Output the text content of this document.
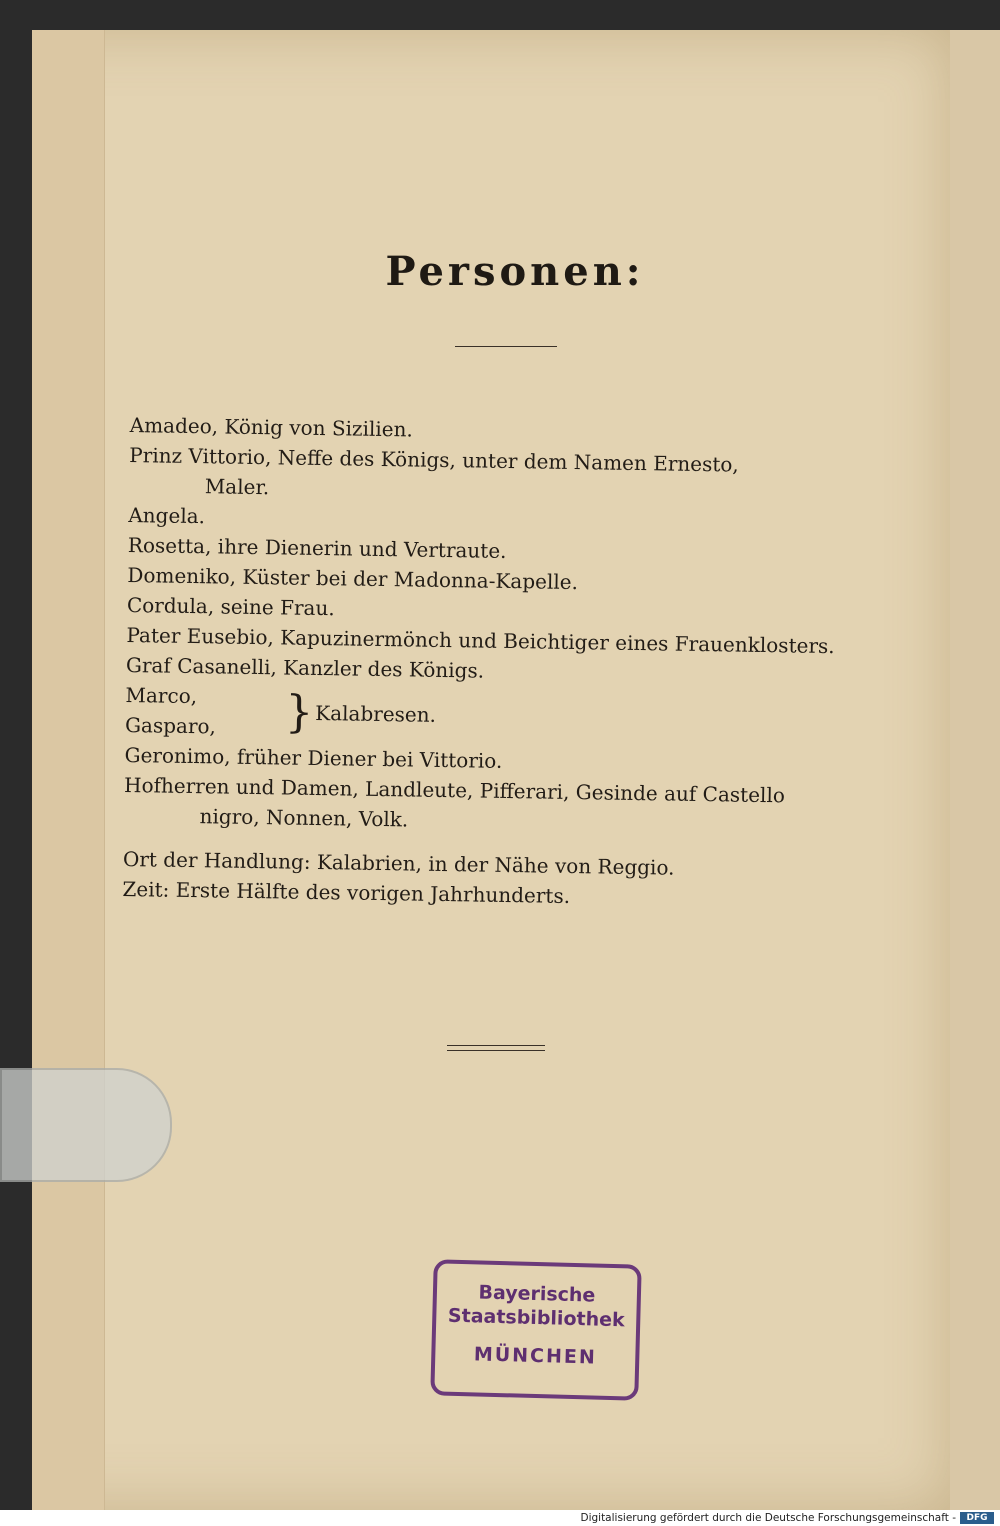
Personen:
Amadeo, König von Sizilien.
Prinz Vittorio, Neffe des Königs, unter dem Namen Ernesto,
Maler.
Angela.
Rosetta, ihre Dienerin und Vertraute.
Domeniko, Küster bei der Madonna-Kapelle.
Cordula, seine Frau.
Pater Eusebio, Kapuzinermönch und Beichtiger eines Frauenklosters.
Graf Casanelli, Kanzler des Königs.
Marco,
Gasparo,	} Kalabresen.
Geronimo, früher Diener bei Vittorio.
Hofherren und Damen, Landleute, Pifferari, Gesinde auf Castello
nigro, Nonnen, Volk.
Ort der Handlung: Kalabrien, in der Nähe von Reggio.
Zeit: Erste Hälfte des vorigen Jahrhunderts.
Bayerische
Staatsbibliothek
MÜNCHEN
Digitalisierung gefördert durch die Deutsche Forschungsgemeinschaft -	DFG
